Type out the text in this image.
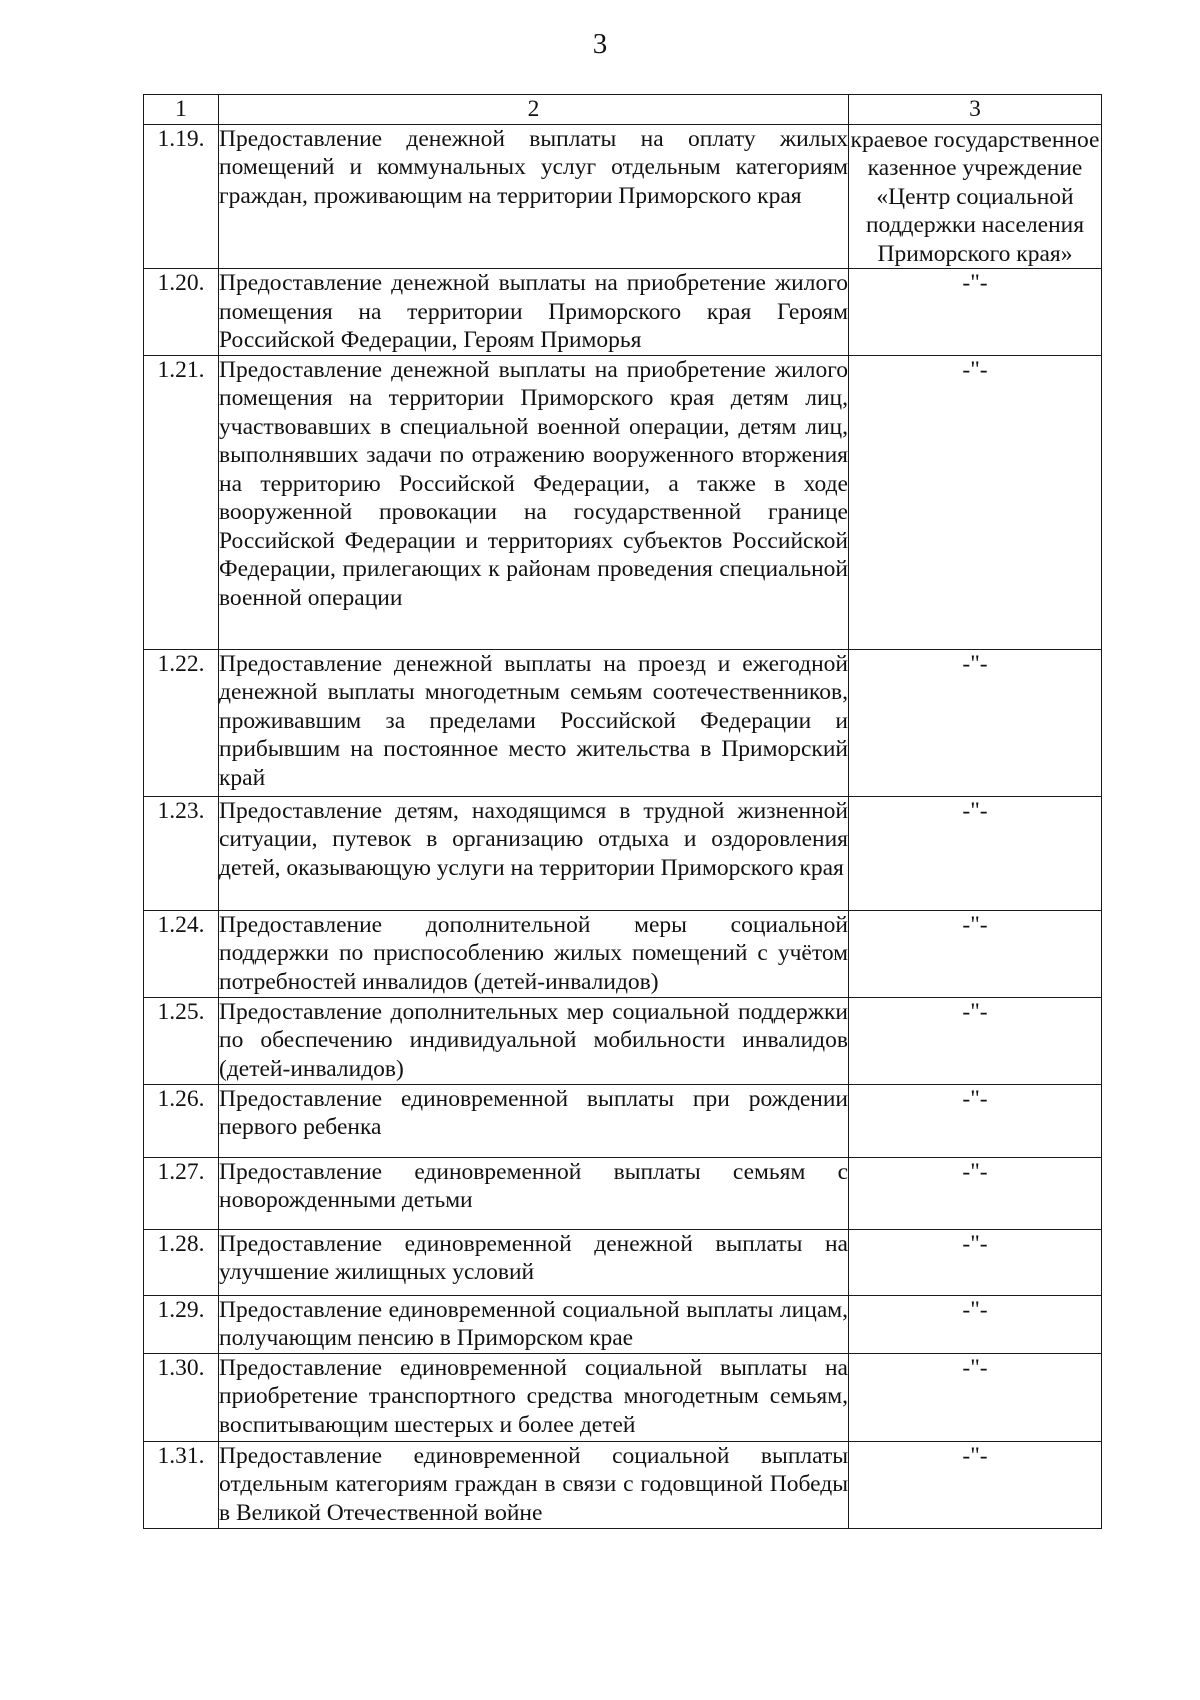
3
1	2	3
1.19.	Предоставление денежной выплаты на оплату жилых помещений и коммунальных услуг отдельным категориям граждан, проживающим на территории Приморского края	краевое государственное казенное учреждение «Центр социальной поддержки населения Приморского края»
1.20.	Предоставление денежной выплаты на приобретение жилого помещения на территории Приморского края Героям Российской Федерации, Героям Приморья	-"-
1.21.	Предоставление денежной выплаты на приобретение жилого помещения на территории Приморского края детям лиц, участвовавших в специальной военной операции, детям лиц, выполнявших задачи по отражению вооруженного вторжения на территорию Российской Федерации, а также в ходе вооруженной провокации на государственной границе Российской Федерации и территориях субъектов Российской Федерации, прилегающих к районам проведения специальной военной операции	-"-
1.22.	Предоставление денежной выплаты на проезд и ежегодной денежной выплаты многодетным семьям соотечественников, проживавшим за пределами Российской Федерации и прибывшим на постоянное место жительства в Приморский край	-"-
1.23.	Предоставление детям, находящимся в трудной жизненной ситуации, путевок в организацию отдыха и оздоровления детей, оказывающую услуги на территории Приморского края	-"-
1.24.	Предоставление дополнительной меры социальной поддержки по приспособлению жилых помещений с учётом потребностей инвалидов (детей-инвалидов)	-"-
1.25.	Предоставление дополнительных мер социальной поддержки по обеспечению индивидуальной мобильности инвалидов (детей-инвалидов)	-"-
1.26.	Предоставление единовременной выплаты при рождении первого ребенка	-"-
1.27.	Предоставление единовременной выплаты семьям с новорожденными детьми	-"-
1.28.	Предоставление единовременной денежной выплаты на улучшение жилищных условий	-"-
1.29.	Предоставление единовременной социальной выплаты лицам, получающим пенсию в Приморском крае	-"-
1.30.	Предоставление единовременной социальной выплаты на приобретение транспортного средства многодетным семьям, воспитывающим шестерых и более детей	-"-
1.31.	Предоставление единовременной социальной выплаты отдельным категориям граждан в связи с годовщиной Победы в Великой Отечественной войне	-"-
